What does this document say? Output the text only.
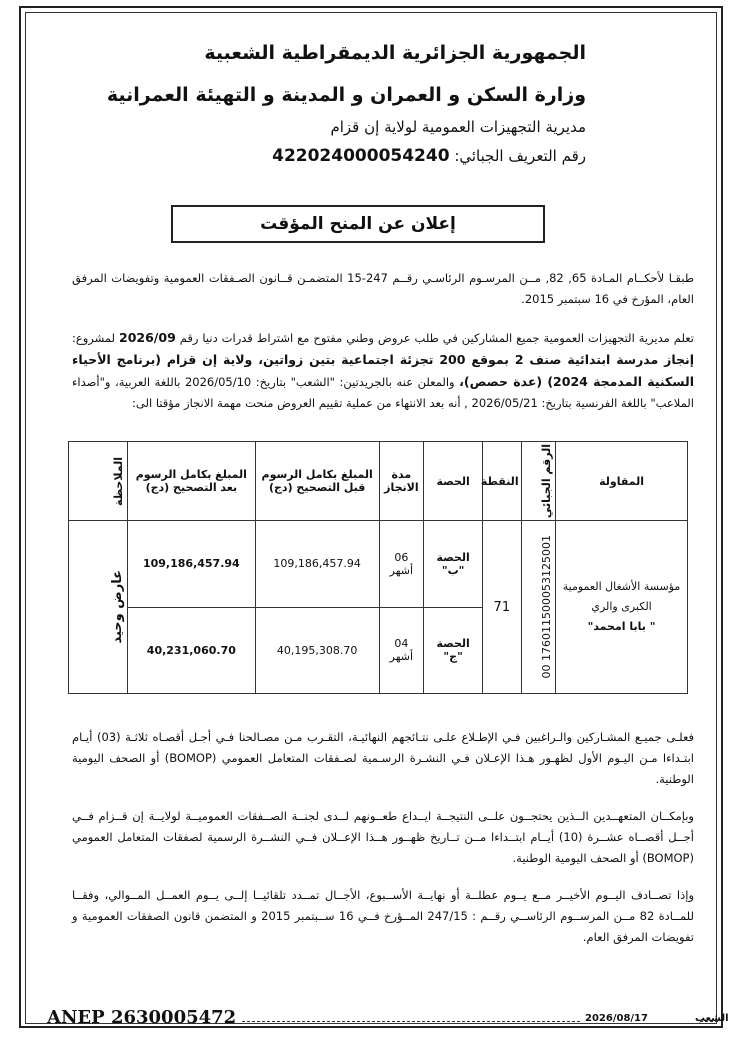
الجمهورية الجزائرية الديمقراطية الشعبية
وزارة السكن و العمران و المدينة و التهيئة العمرانية
مديرية التجهيزات العمومية لولاية إن قزام
رقم التعريف الجبائي: 422024000054240
إعلان عن المنح المؤقت
طبقـا لأحكــام المـادة 65, 82, مــن المرسـوم الرئاسـي رقــم 247-15 المتضمـن قــانون الصـفقات العمومية وتفويضات المرفق العام، المؤرخ في 16 سبتمبر 2015.
تعلم مديرية التجهيزات العمومية جميع المشاركين في طلب عروض وطني مفتوح مع اشتراط قدرات دنيا رقم 2026/09 لمشروع: إنجاز مدرسة ابتدائية صنف 2 بموقع 200 تجزئة اجتماعية بتين زواتين، ولاية إن قزام (برنامج الأحياء السكنية المدمجة 2024) (عدة حصص)، والمعلن عنه بالجريدتين: "الشعب" بتاريخ: 2026/05/10 باللغة العربية، و"أصداء الملاعب" باللغة الفرنسية بتاريخ: 2026/05/21 , أنه بعد الانتهاء من عملية تقييم العروض منحت مهمة الانجاز مؤقتا الى:
المقاولة	الرقم الجبائي	النقطة	الحصة	مدة الانجاز	المبلغ بكامل الرسوم قبل التصحيح (دج)	المبلغ بكامل الرسوم بعد التصحيح (دج)	الملاحظة

مؤسسة الأشغال العمومية
الكبرى والري
" بابا امحمد"	176011500053125001 00	71	الحصة "ب"	06 أشهر	109,186,457.94	109,186,457.94	عارض وحيد

			الحصة "ج"	04 أشهر	40,195,308.70	40,231,060.70	
فعلـى جميـع المشـاركين والـراغبين فـي الإطـلاع علـى نتـائجهم النهائيـة، التقـرب مـن مصـالحنا فـي أجـل أقصـاه ثلاثـة (03) أيـام ابتـداءا مـن اليـوم الأول لظهـور هـذا الإعـلان فـي النشـرة الرسـمية لصـفقات المتعامل العمومي (BOMOP) أو الصحف اليومية الوطنية.
وبإمكــان المتعهــدين الــذين يحتجــون علــى النتيجــة ايــداع طعــونهم لــدى لجنــة الصــفقات العموميــة لولايــة إن قــزام فــي أجــل أقصــاه عشــرة (10) أيــام ابتــداءا مــن تــاريخ ظهــور هــذا الإعــلان فــي النشــرة الرسمية لصفقات المتعامل العمومي (BOMOP) أو الصحف اليومية الوطنية.
وإذا تصــادف اليــوم الأخيــر مــع يــوم عطلــة أو نهايــة الأســبوع، الأجــال تمــدد تلقائيــا إلــى يــوم العمــل المــوالي، وفقــا للمــادة 82 مــن المرســوم الرئاســي رقــم : 247/15 المــؤرخ فــي 16 ســبتمبر 2015 و المتضمن قانون الصفقات العمومية و تفويضات المرفق العام.
ANEP 2630005472	الشعب  2026/08/17
